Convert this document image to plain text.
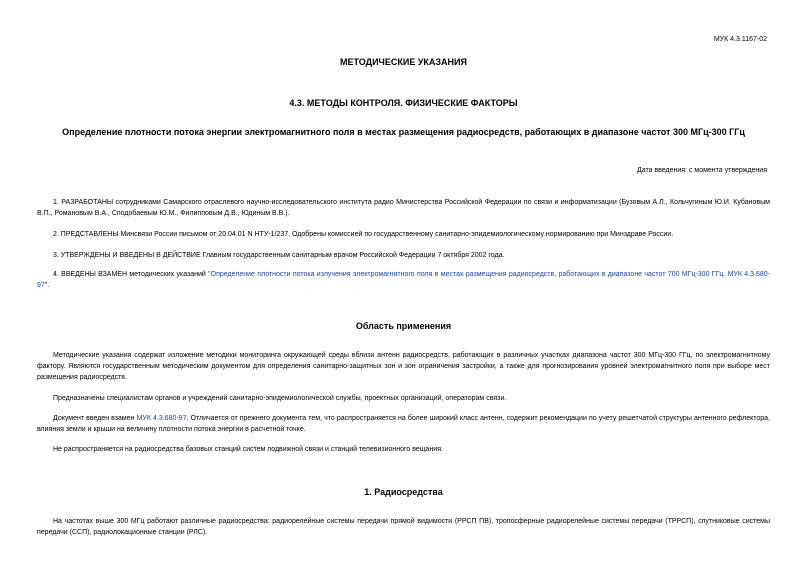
МУК 4.3.1167-02
МЕТОДИЧЕСКИЕ УКАЗАНИЯ
4.3. МЕТОДЫ КОНТРОЛЯ. ФИЗИЧЕСКИЕ ФАКТОРЫ
Определение плотности потока энергии электромагнитного поля в местах размещения радиосредств, работающих в диапазоне частот 300 МГц-300 ГГц
Дата введения: с момента утверждения
1. РАЗРАБОТАНЫ сотрудниками Самарского отраслевого научно-исследовательского института радио Министерства Российской Федерации по связи и информатизации (Бузовым А.Л., Кольчугиным Ю.И. Кубановым В.П., Романовым В.А., Сподобаевым Ю.М., Филипповым Д.В., Юдиным В.В.).
2. ПРЕДСТАВЛЕНЫ Минсвязи России письмом от 20.04.01 N НТУ-1/237. Одобрены комиссией по государственному санитарно-эпидемиологическому нормированию при Минздраве России.
3. УТВЕРЖДЕНЫ И ВВЕДЕНЫ В ДЕЙСТВИЕ Главным государственным санитарным врачом Российской Федерации 7 октября 2002 года.
4. ВВЕДЕНЫ ВЗАМЕН методических указаний "Определение плотности потока излучения электромагнитного поля в местах размещения радиосредств, работающих в диапазоне частот 700 МГц-300 ГГц. МУК 4.3.680-97".
Область применения
Методические указания содержат изложение методики мониторинга окружающей среды вблизи антенн радиосредств, работающих в различных участках диапазона частот 300 МГц-300 ГГц, по электромагнитному фактору. Являются государственным методическим документом для определения санитарно-защитных зон и зон ограничения застройки, а также для прогнозирования уровней электромагнитного поля при выборе мест размещения радиосредств.
Предназначены специалистам органов и учреждений санитарно-эпидемиологической службы, проектных организаций, операторам связи.
Документ введен взамен МУК 4.3.680-97. Отличается от прежнего документа тем, что распространяется на более широкий класс антенн, содержит рекомендации по учету решетчатой структуры антенного рефлектора, влияния земли и крыши на величину плотности потока энергии в расчетной точке.
Не распространяется на радиосредства базовых станций систем подвижной связи и станций телевизионного вещания.
1. Радиосредства
На частотах выше 300 МГц работают различные радиосредства: радиорелейные системы передачи прямой видимости (РРСП ПВ), тропосферные радиорелейные системы передачи (ТРРСП), спутниковые системы передачи (ССП), радиолокационные станции (РЛС).
